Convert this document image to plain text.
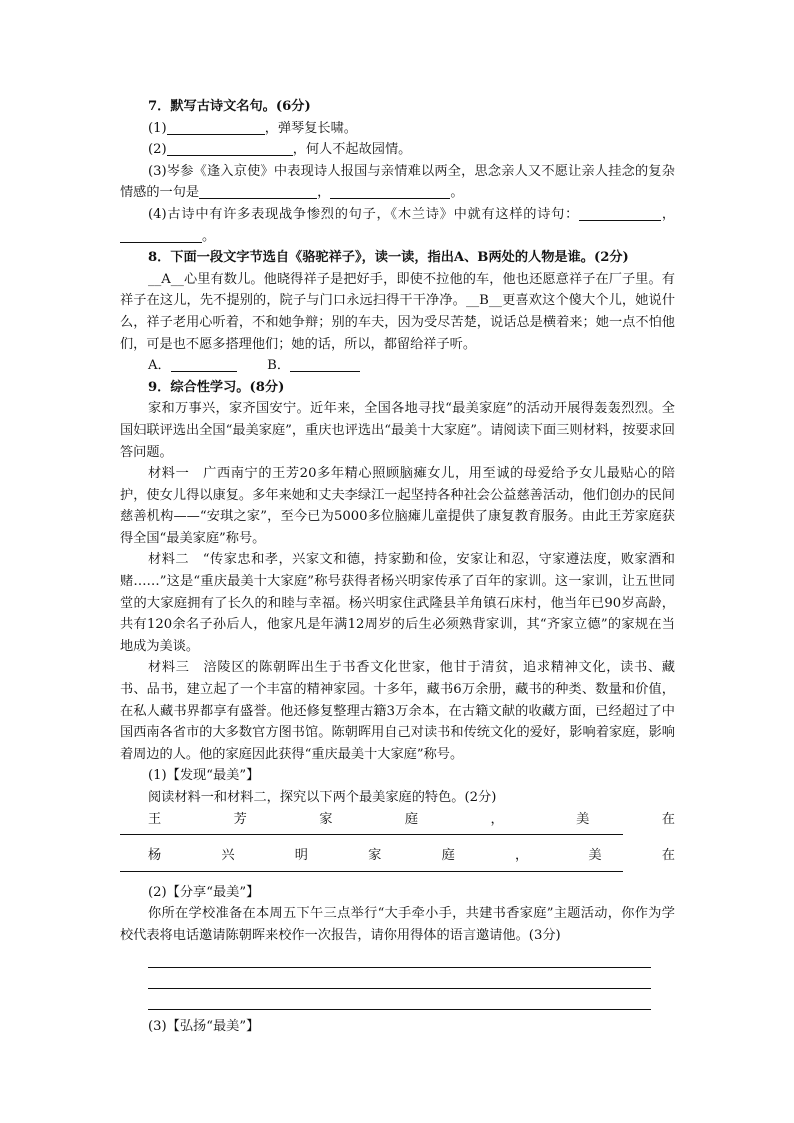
7．默写古诗文名句。(6分)
(1)	，弹琴复长啸。
(2)	，何人不起故园情。
(3)岑参《逢入京使》中表现诗人报国与亲情难以两全，思念亲人又不愿让亲人挂念的复杂情感的一句是	，	。
(4)古诗中有许多表现战争惨烈的句子，《木兰诗》中就有这样的诗句：	，。
8．下面一段文字节选自《骆驼祥子》，读一读，指出A、B两处的人物是谁。(2分)
__A__心里有数儿。他晓得祥子是把好手，即使不拉他的车，他也还愿意祥子在厂子里。有祥子在这儿，先不提别的，院子与门口永远扫得干干净净。__B__更喜欢这个傻大个儿，她说什么，祥子老用心听着，不和她争辩；别的车夫，因为受尽苦楚，说话总是横着来；她一点不怕他们，可是也不愿多搭理他们；她的话，所以，都留给祥子听。
A．	B．
9．综合性学习。(8分)
家和万事兴，家齐国安宁。近年来，全国各地寻找“最美家庭”的活动开展得轰轰烈烈。全国妇联评选出全国“最美家庭”，重庆也评选出“最美十大家庭”。请阅读下面三则材料，按要求回答问题。
材料一　广西南宁的王芳20多年精心照顾脑瘫女儿，用至诚的母爱给予女儿最贴心的陪护，使女儿得以康复。多年来她和丈夫李绿江一起坚持各种社会公益慈善活动，他们创办的民间慈善机构——“安琪之家”，至今已为5000多位脑瘫儿童提供了康复教育服务。由此王芳家庭获得全国“最美家庭”称号。
材料二　“传家忠和孝，兴家文和德，持家勤和俭，安家让和忍，守家遵法度，败家酒和赌……”这是“重庆最美十大家庭”称号获得者杨兴明家传承了百年的家训。这一家训，让五世同堂的大家庭拥有了长久的和睦与幸福。杨兴明家住武隆县羊角镇石床村，他当年已90岁高龄，共有120余名子孙后人，他家凡是年满12周岁的后生必须熟背家训，其“齐家立德”的家规在当地成为美谈。
材料三　涪陵区的陈朝晖出生于书香文化世家，他甘于清贫，追求精神文化，读书、藏书、品书，建立起了一个丰富的精神家园。十多年，藏书6万余册，藏书的种类、数量和价值，在私人藏书界都享有盛誉。他还修复整理古籍3万余本，在古籍文献的收藏方面，已经超过了中国西南各省市的大多数官方图书馆。陈朝晖用自己对读书和传统文化的爱好，影响着家庭，影响着周边的人。他的家庭因此获得“重庆最美十大家庭”称号。
(1)【发现“最美”】
阅读材料一和材料二，探究以下两个最美家庭的特色。(2分)
王	芳	家	庭	，	美	在
杨	兴	明	家	庭	，	美	在
(2)【分享“最美”】
你所在学校准备在本周五下午三点举行“大手牵小手，共建书香家庭”主题活动，你作为学校代表将电话邀请陈朝晖来校作一次报告，请你用得体的语言邀请他。(3分)
(3)【弘扬“最美”】
